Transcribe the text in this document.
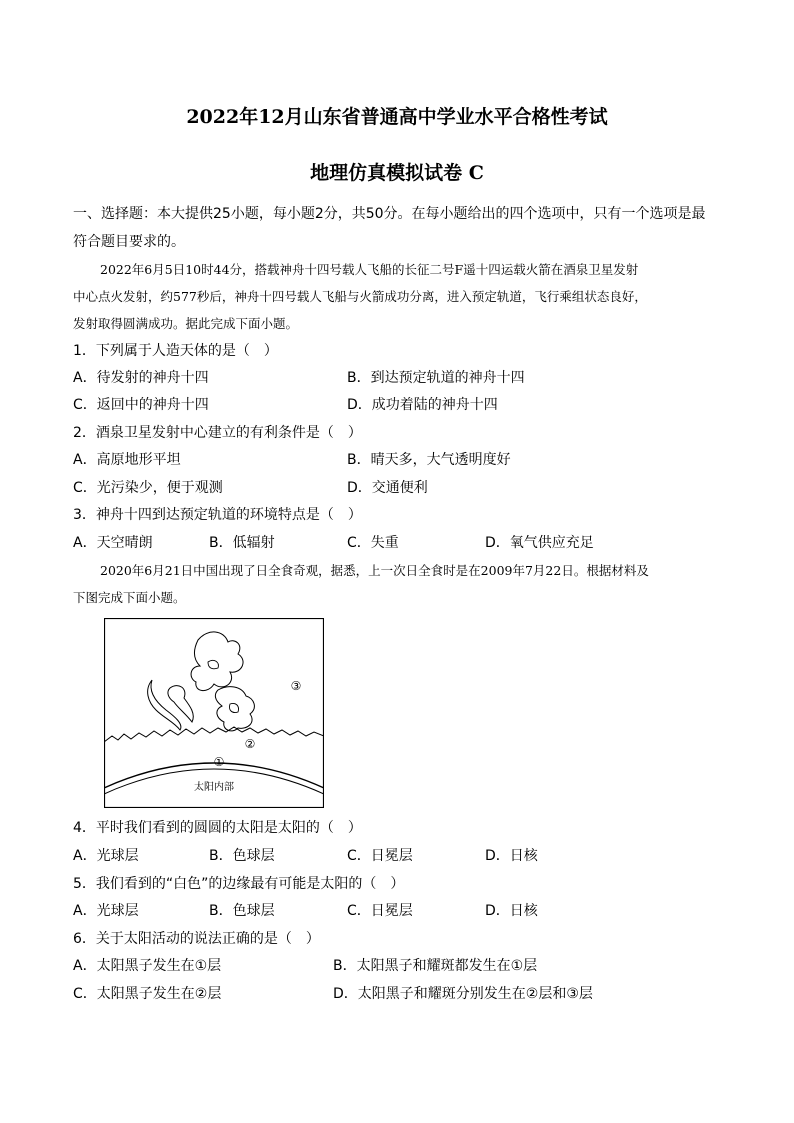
2022年12月山东省普通高中学业水平合格性考试
地理仿真模拟试卷 C
一、选择题：本大提供25小题，每小题2分，共50分。在每小题给出的四个选项中，只有一个选项是最
符合题目要求的。
2022年6月5日10时44分，搭载神舟十四号载人飞船的长征二号F遥十四运载火箭在酒泉卫星发射
中心点火发射，约577秒后，神舟十四号载人飞船与火箭成功分离，进入预定轨道，飞行乘组状态良好，
发射取得圆满成功。据此完成下面小题。
1．下列属于人造天体的是（　）
A．待发射的神舟十四	B．到达预定轨道的神舟十四
C．返回中的神舟十四	D．成功着陆的神舟十四
2．酒泉卫星发射中心建立的有利条件是（　）
A．高原地形平坦	B．晴天多，大气透明度好
C．光污染少，便于观测	D．交通便利
3．神舟十四到达预定轨道的环境特点是（　）
A．天空晴朗	B．低辐射	C．失重	D．氧气供应充足
2020年6月21日中国出现了日全食奇观，据悉，上一次日全食时是在2009年7月22日。根据材料及
下图完成下面小题。
①
②
③
太阳内部
4．平时我们看到的圆圆的太阳是太阳的（　）
A．光球层	B．色球层	C．日冕层	D．日核
5．我们看到的“白色”的边缘最有可能是太阳的（　）
A．光球层	B．色球层	C．日冕层	D．日核
6．关于太阳活动的说法正确的是（　）
A．太阳黑子发生在①层	B．太阳黑子和耀斑都发生在①层
C．太阳黑子发生在②层	D．太阳黑子和耀斑分别发生在②层和③层
